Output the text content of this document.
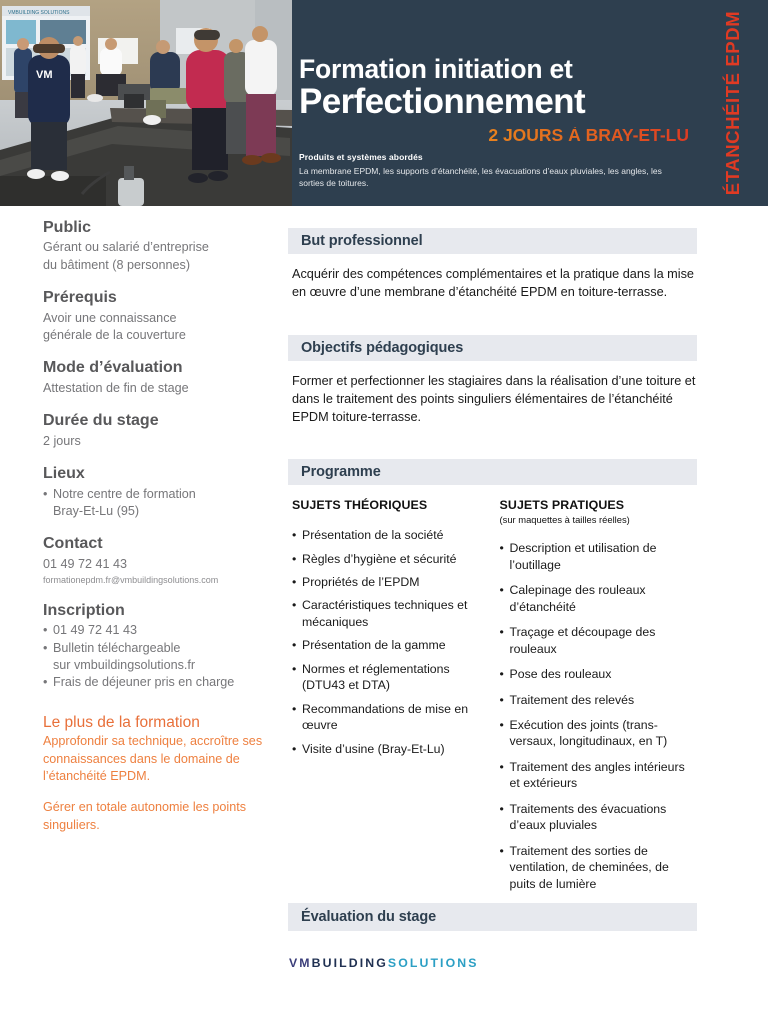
VMBUILDING SOLUTIONS
VM	Formation initiation et
Perfectionnement
2 JOURS À BRAY-ET-LU
Produits et systèmes abordés
La membrane EPDM, les supports d’étanchéité, les évacuations d’eaux pluviales, les angles, les sorties de toitures.	ÉTANCHÉITÉ EPDM
Public
Gérant ou salarié d’entreprise
du bâtiment (8 personnes)
Prérequis
Avoir une connaissance
générale de la couverture
Mode d’évaluation
Attestation de fin de stage
Durée du stage
2 jours
Lieux
• Notre centre de formation
Bray-Et-Lu (95)
Contact
01 49 72 41 43
formationepdm.fr@vmbuildingsolutions.com
Inscription
• 01 49 72 41 43
• Bulletin téléchargeable
sur vmbuildingsolutions.fr
• Frais de déjeuner pris en charge
Le plus de la formation
Approfondir sa technique, accroître ses connaissances dans le domaine de l’étanchéité EPDM.
Gérer en totale autonomie les points singuliers.
But professionnel
Acquérir des compétences complémentaires et la pratique dans la mise en œuvre d’une membrane d’étanchéité EPDM en toiture-terrasse.
Objectifs pédagogiques
Former et perfectionner les stagiaires dans la réalisation d’une toiture et dans le traitement des points singuliers élémentaires de l’étanchéité EPDM toiture-terrasse.
Programme
SUJETS THÉORIQUES
• Présentation de la société
• Règles d’hygiène et sécurité
• Propriétés de l’EPDM
• Caractéristiques techniques et mécaniques
• Présentation de la gamme
• Normes et réglementations (DTU43 et DTA)
• Recommandations de mise en œuvre
• Visite d’usine (Bray-Et-Lu)
SUJETS PRATIQUES
(sur maquettes à tailles réelles)
• Description et utilisation de l’outillage
• Calepinage des rouleaux d’étanchéité
• Traçage et découpage des rouleaux
• Pose des rouleaux
• Traitement des relevés
• Exécution des joints (trans- versaux, longitudinaux, en T)
• Traitement des angles intérieurs et extérieurs
• Traitements des évacuations d’eaux pluviales
• Traitement des sorties de ventilation, de cheminées, de puits de lumière
Évaluation du stage
VMBUILDINGSOLUTIONS
